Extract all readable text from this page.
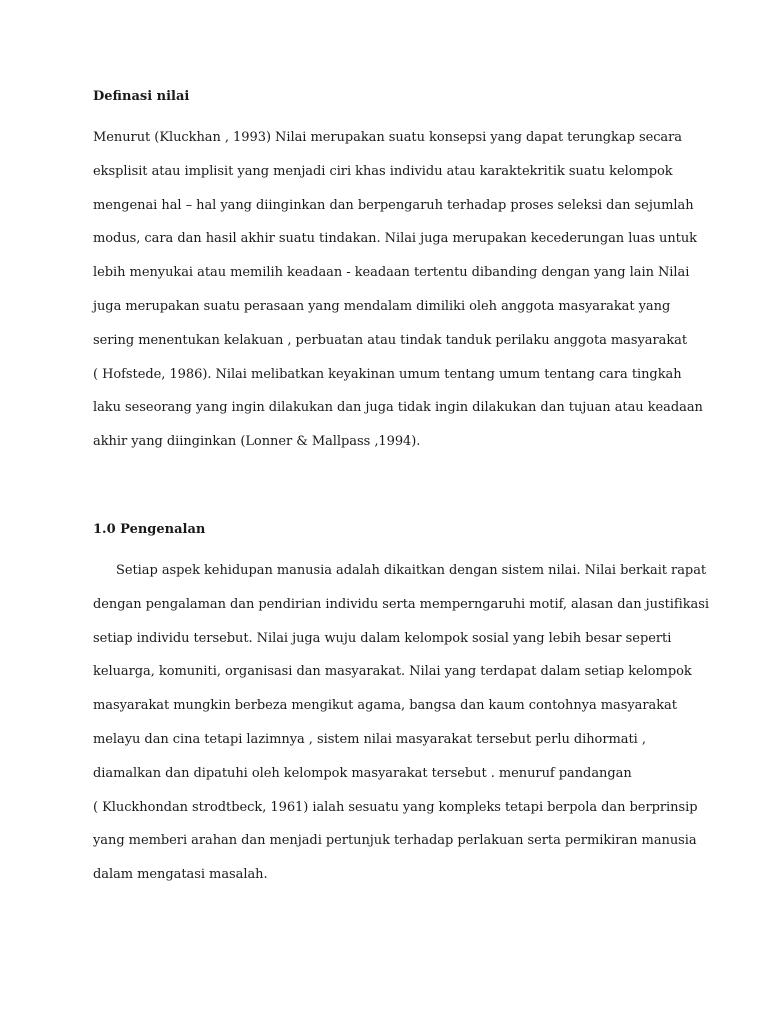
Definasi nilai
Menurut (Kluckhan , 1993) Nilai merupakan suatu konsepsi yang dapat terungkap secara
eksplisit atau implisit yang menjadi ciri khas individu atau karaktekritik suatu kelompok
mengenai hal – hal yang diinginkan dan berpengaruh terhadap proses seleksi dan sejumlah
modus, cara dan hasil akhir suatu tindakan. Nilai juga merupakan kecederungan luas untuk
lebih menyukai atau memilih keadaan - keadaan tertentu dibanding dengan yang lain Nilai
juga merupakan suatu perasaan yang mendalam dimiliki oleh anggota masyarakat yang
sering menentukan kelakuan , perbuatan atau tindak tanduk perilaku anggota masyarakat
( Hofstede, 1986). Nilai melibatkan keyakinan umum tentang umum tentang cara tingkah
laku seseorang yang ingin dilakukan dan juga tidak ingin dilakukan dan tujuan atau keadaan
akhir yang diinginkan (Lonner & Mallpass ,1994).
1.0 Pengenalan
Setiap aspek kehidupan manusia adalah dikaitkan dengan sistem nilai. Nilai berkait rapat
dengan pengalaman dan pendirian individu serta memperngaruhi motif, alasan dan justifikasi
setiap individu tersebut. Nilai juga wuju dalam kelompok sosial yang lebih besar seperti
keluarga, komuniti, organisasi dan masyarakat. Nilai yang terdapat dalam setiap kelompok
masyarakat mungkin berbeza mengikut agama, bangsa dan kaum contohnya masyarakat
melayu dan cina tetapi lazimnya , sistem nilai masyarakat tersebut perlu dihormati ,
diamalkan dan dipatuhi oleh kelompok masyarakat tersebut . menuruf pandangan
( Kluckhondan strodtbeck, 1961) ialah sesuatu yang kompleks tetapi berpola dan berprinsip
yang memberi arahan dan menjadi pertunjuk terhadap perlakuan serta permikiran manusia
dalam mengatasi masalah.
